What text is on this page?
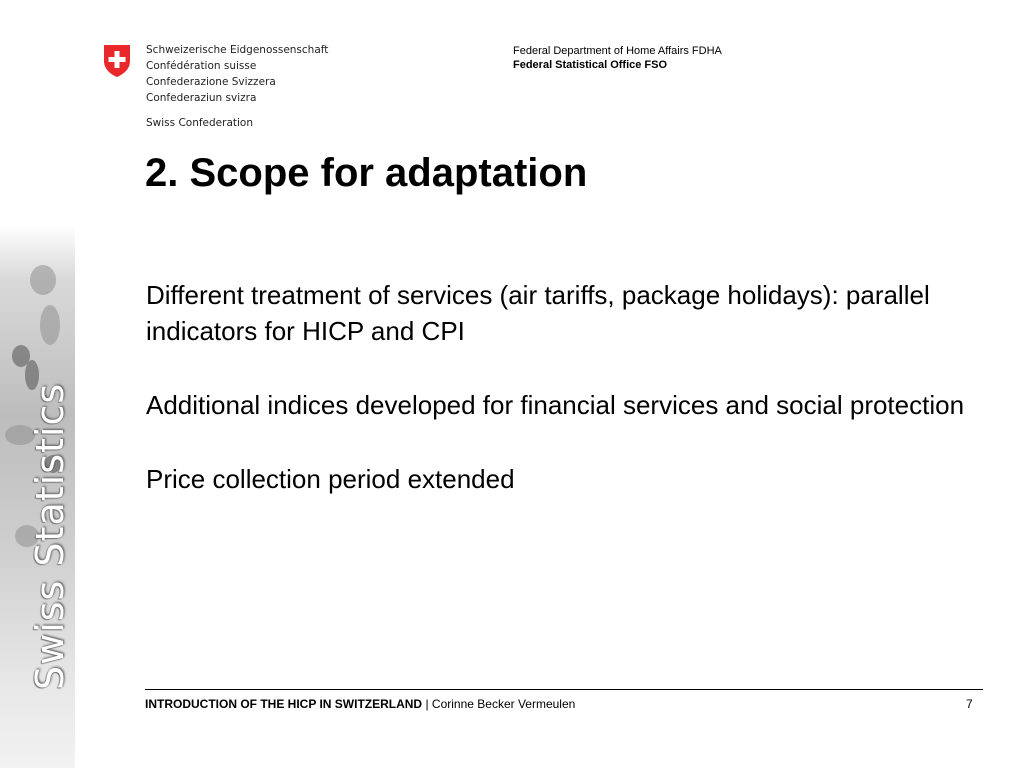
Swiss Statistics
Schweizerische Eidgenossenschaft
Confédération suisse
Confederazione Svizzera
Confederaziun svizra
Swiss Confederation
Federal Department of Home Affairs FDHA
Federal Statistical Office FSO
2. Scope for adaptation

Different treatment of services (air tariffs, package holidays): parallel indicators for HICP and CPI

Additional indices developed for financial services and social protection

Price collection period extended

INTRODUCTION OF THE HICP IN SWITZERLAND | Corinne Becker Vermeulen	7
